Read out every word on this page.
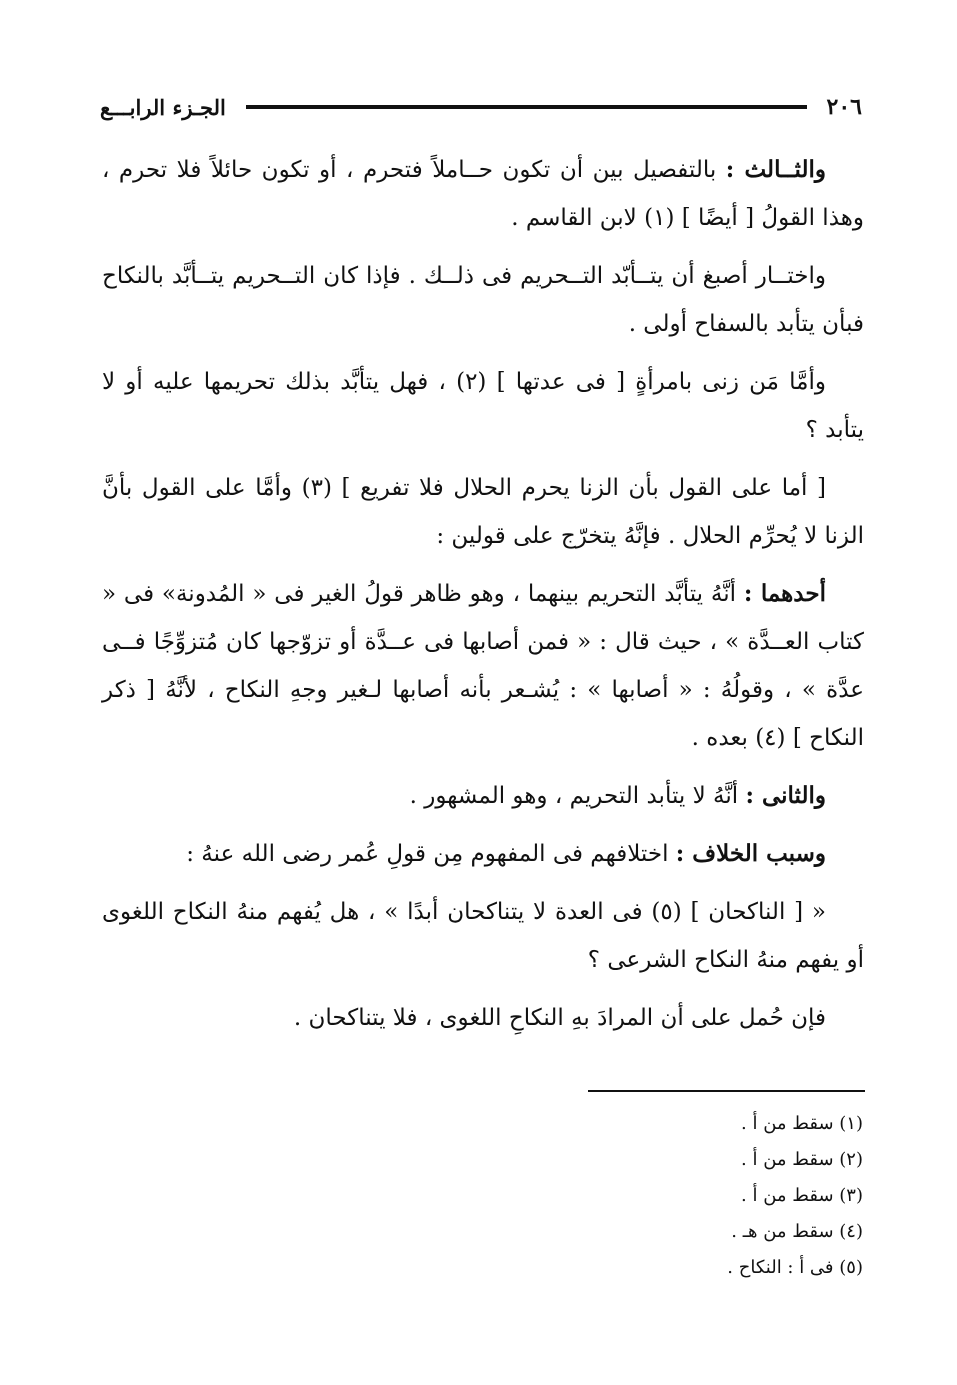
٢٠٦
الجـزء الرابـــع

والثــالث : بالتفصيل بين أن تكون حــاملاً فتحرم ، أو تكون حائلاً فلا تحرم ، وهذا القولُ [ أيضًا ] (١) لابن القاسم .

واختــار أصبغ أن يتــأبّد التــحريم فى ذلــك . فإذا كان التــحريم يتــأبَّد بالنكاح فبأن يتأبد بالسفاح أولى .

وأمَّا مَن زنى بامرأةٍ [ فى عدتها ] (٢) ، فهل يتأبَّد بذلك تحريمها عليه أو لا يتأبد ؟

[ أما على القول بأن الزنا يحرم الحلال فلا تفريع ] (٣) وأمَّا على القول بأنَّ الزنا لا يُحرِّم الحلال . فإنَّهُ يتخرّج على قولين :

أحدهما : أنَّهُ يتأبَّد التحريم بينهما ، وهو ظاهر قولُ الغير فى « المُدونة» فى « كتاب العــدَّة » ، حيث قال : « فمن أصابها فى عــدَّة أو تزوّجها كان مُتزوِّجًا فــى عدَّة » ، وقولُهُ : « أصابها » : يُشـعر بأنه أصابها لـغير وجهِ النكاح ، لأنَّهُ [ ذكر النكاح ] (٤) بعده .

والثانى : أنَّهُ لا يتأبد التحريم ، وهو المشهور .

وسبب الخلاف : اختلافهم فى المفهوم مِن قولِ عُمر رضى الله عنهُ :

« [ الناكحان ] (٥) فى العدة لا يتناكحان أبدًا » ، هل يُفهم منهُ النكاح اللغوى أو يفهم منهُ النكاح الشرعى ؟

فإن حُمل على أن المرادَ بهِ النكاحِ اللغوى ، فلا يتناكحان .

(١) سقط من أ .
(٢) سقط من أ .
(٣) سقط من أ .
(٤) سقط من هـ .
(٥) فى أ : النكاح .
